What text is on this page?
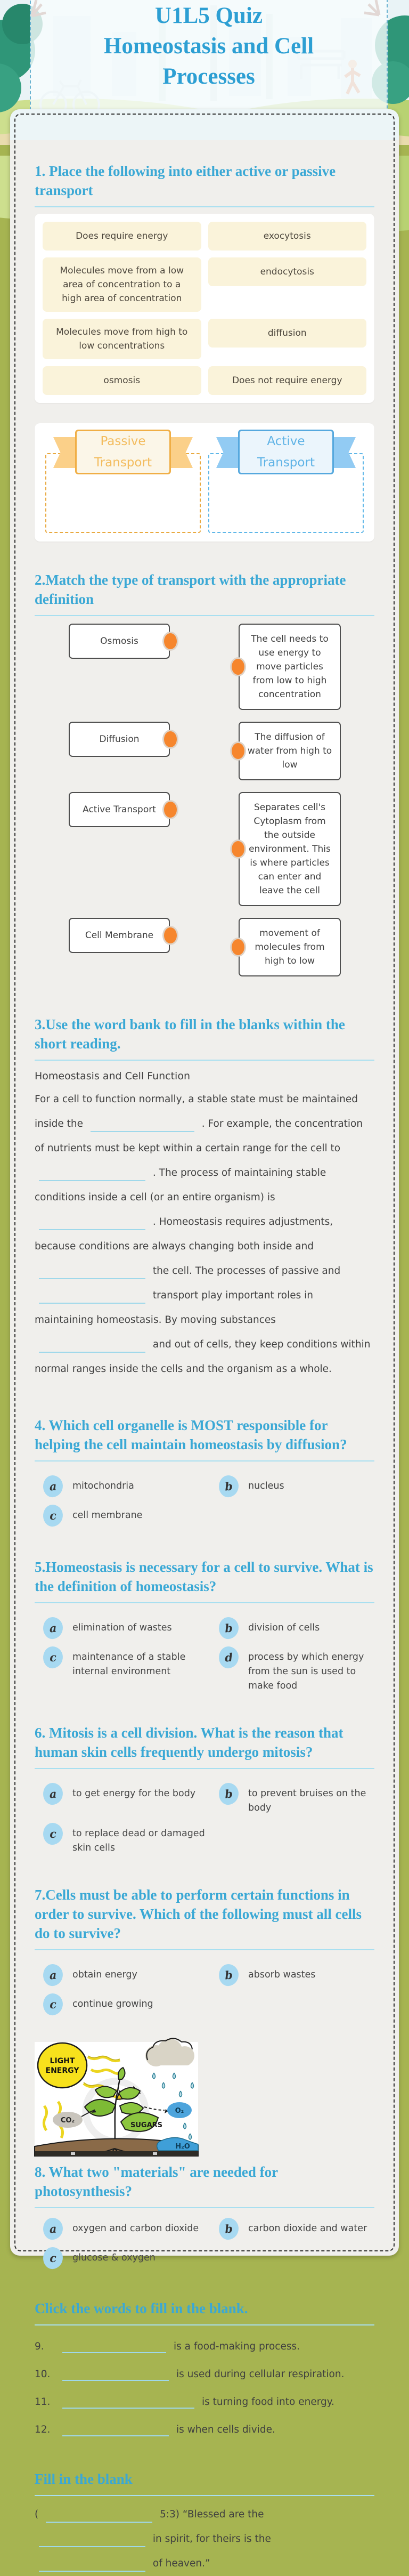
U1L5 Quiz
Homeostasis and Cell
Processes
1. Place the following into either active or passive transport
Does require energy	exocytosis
Molecules move from a low area of concentration to a high area of concentration
endocytosis
Molecules move from high to low concentrations
diffusion
osmosis	Does not require energy
Passive Transport
Active Transport
2.Match the type of transport with the appropriate definition
Osmosis	The cell needs to use energy to move particles from low to high concentration
Diffusion	The diffusion of water from high to low
Active Transport	Separates cell's Cytoplasm from the outside environment. This is where particles can enter and leave the cell
Cell Membrane	movement of molecules from high to low
3.Use the word bank to fill in the blanks within the short reading.
Homeostasis and Cell Function
For a cell to function normally, a stable state must be maintained inside the	. For example, the concentration of nutrients must be kept within a certain range for the cell to  . The process of maintaining stable conditions inside a cell (or an entire organism) is  . Homeostasis requires adjustments, because conditions are always changing both inside and  the cell. The processes of passive and  transport play important roles in maintaining homeostasis. By moving substances  and out of cells, they keep conditions within normal ranges inside the cells and the organism as a whole.
4. Which cell organelle is MOST responsible for helping the cell maintain homeostasis by diffusion?
a	mitochondria	b	nucleus
c	cell membrane
5.Homeostasis is necessary for a cell to survive. What is the definition of homeostasis?
a	elimination of wastes	b	division of cells
c	maintenance of a stable internal environment
d	process by which energy from the sun is used to make food
6. Mitosis is a cell division. What is the reason that human skin cells frequently undergo mitosis?
a	to get energy for the body	b	to prevent bruises on the body
c	to replace dead or damaged skin cells
7.Cells must be able to perform certain functions in order to survive. Which of the following must all cells do to survive?
a	obtain energy	b	absorb wastes
c	continue growing
LIGHT
ENERGY
SUGARS
CO₂
O₂
H₂O
8. What two "materials" are needed for photosynthesis?
a	oxygen and carbon dioxide	b	carbon dioxide and water
c	glucose & oxygen
Click the words to fill in the blank.
9.	is a food-making process.
10.	is used during cellular respiration.
11.	is turning food into energy.
12.	is when cells divide.
Fill in the blank
(	5:3) “Blessed are the  in spirit, for theirs is the  of heaven.”
